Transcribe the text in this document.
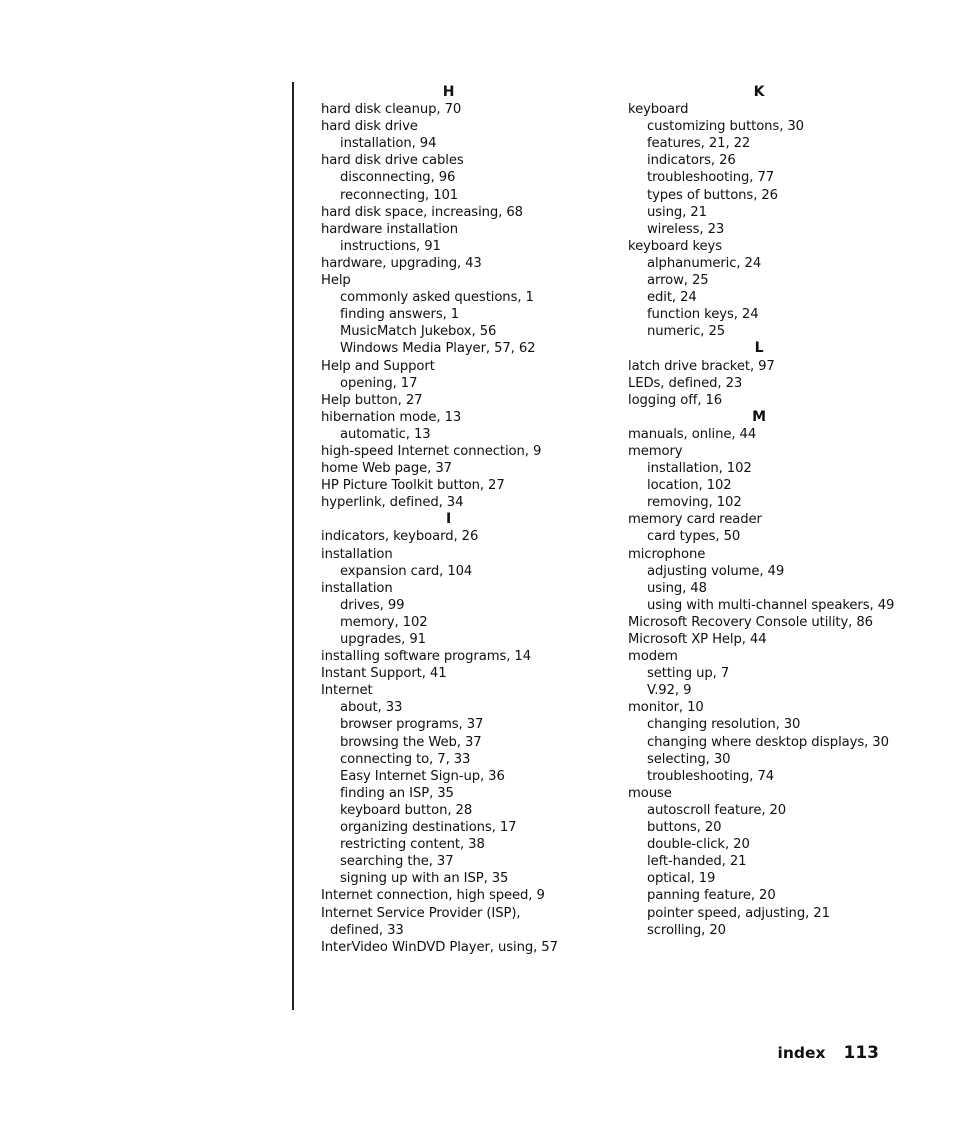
H
hard disk cleanup, 70
hard disk drive
installation, 94
hard disk drive cables
disconnecting, 96
reconnecting, 101
hard disk space, increasing, 68
hardware installation
instructions, 91
hardware, upgrading, 43
Help
commonly asked questions, 1
finding answers, 1
MusicMatch Jukebox, 56
Windows Media Player, 57, 62
Help and Support
opening, 17
Help button, 27
hibernation mode, 13
automatic, 13
high-speed Internet connection, 9
home Web page, 37
HP Picture Toolkit button, 27
hyperlink, defined, 34
I
indicators, keyboard, 26
installation
expansion card, 104
installation
drives, 99
memory, 102
upgrades, 91
installing software programs, 14
Instant Support, 41
Internet
about, 33
browser programs, 37
browsing the Web, 37
connecting to, 7, 33
Easy Internet Sign-up, 36
finding an ISP, 35
keyboard button, 28
organizing destinations, 17
restricting content, 38
searching the, 37
signing up with an ISP, 35
Internet connection, high speed, 9
Internet Service Provider (ISP),
defined, 33
InterVideo WinDVD Player, using, 57
K
keyboard
customizing buttons, 30
features, 21, 22
indicators, 26
troubleshooting, 77
types of buttons, 26
using, 21
wireless, 23
keyboard keys
alphanumeric, 24
arrow, 25
edit, 24
function keys, 24
numeric, 25
L
latch drive bracket, 97
LEDs, defined, 23
logging off, 16
M
manuals, online, 44
memory
installation, 102
location, 102
removing, 102
memory card reader
card types, 50
microphone
adjusting volume, 49
using, 48
using with multi-channel speakers, 49
Microsoft Recovery Console utility, 86
Microsoft XP Help, 44
modem
setting up, 7
V.92, 9
monitor, 10
changing resolution, 30
changing where desktop displays, 30
selecting, 30
troubleshooting, 74
mouse
autoscroll feature, 20
buttons, 20
double-click, 20
left-handed, 21
optical, 19
panning feature, 20
pointer speed, adjusting, 21
scrolling, 20
index 113
